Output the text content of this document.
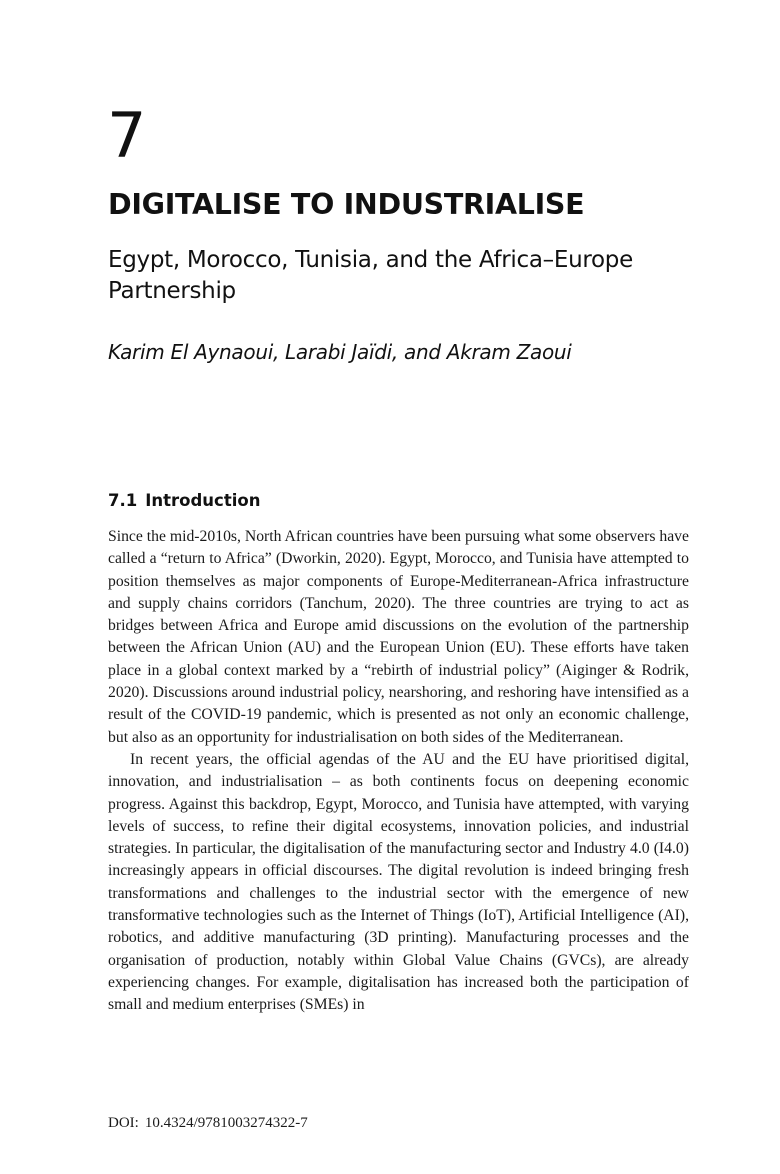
7
DIGITALISE TO INDUSTRIALISE
Egypt, Morocco, Tunisia, and the Africa–Europe Partnership

Karim El Aynaoui, Larabi Jaïdi, and Akram Zaoui

7.1 Introduction

Since the mid-2010s, North African countries have been pursuing what some observers have called a “return to Africa” (Dworkin, 2020). Egypt, Morocco, and Tunisia have attempted to position themselves as major components of Europe-Mediterranean-Africa infrastructure and supply chains corridors (Tanchum, 2020). The three countries are trying to act as bridges between Africa and Europe amid discussions on the evolution of the partnership between the African Union (AU) and the European Union (EU). These efforts have taken place in a global context marked by a “rebirth of industrial policy” (Aiginger & Rodrik, 2020). Discussions around industrial policy, nearshoring, and reshoring have intensified as a result of the COVID-19 pandemic, which is presented as not only an economic challenge, but also as an opportunity for industrialisation on both sides of the Mediterranean.

In recent years, the official agendas of the AU and the EU have prioritised digital, innovation, and industrialisation – as both continents focus on deepening economic progress. Against this backdrop, Egypt, Morocco, and Tunisia have attempted, with varying levels of success, to refine their digital ecosystems, innovation policies, and industrial strategies. In particular, the digitalisation of the manufacturing sector and Industry 4.0 (I4.0) increasingly appears in official discourses. The digital revolution is indeed bringing fresh transformations and challenges to the industrial sector with the emergence of new transformative technologies such as the Internet of Things (IoT), Artificial Intelligence (AI), robotics, and additive manufacturing (3D printing). Manufacturing processes and the organisation of production, notably within Global Value Chains (GVCs), are already experiencing changes. For example, digitalisation has increased both the participation of small and medium enterprises (SMEs) in

DOI: 10.4324/9781003274322-7
